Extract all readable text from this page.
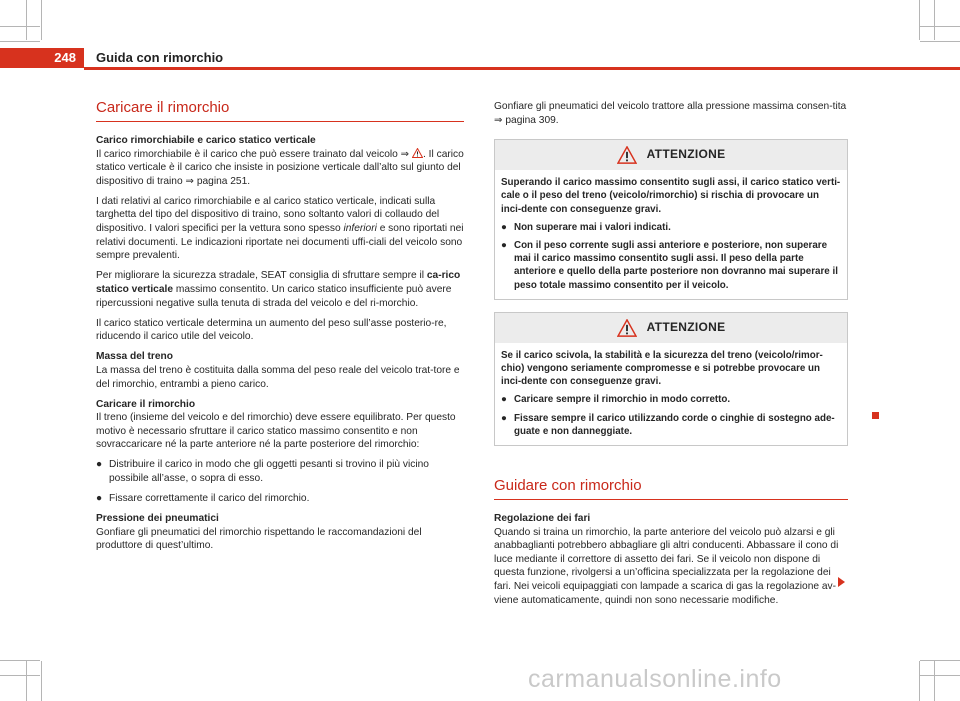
248	Guida con rimorchio
Caricare il rimorchio

Carico rimorchiabile e carico statico verticale

Il carico rimorchiabile è il carico che può essere trainato dal veicolo ⇒ . Il carico statico verticale è il carico che insiste in posizione verticale dall’alto sul giunto del dispositivo di traino ⇒ pagina 251.

I dati relativi al carico rimorchiabile e al carico statico verticale, indicati sulla targhetta del tipo del dispositivo di traino, sono soltanto valori di collaudo del dispositivo. I valori specifici per la vettura sono spesso inferiori e sono riportati nei relativi documenti. Le indicazioni riportate nei documenti uffi-ciali del veicolo sono sempre prevalenti.

Per migliorare la sicurezza stradale, SEAT consiglia di sfruttare sempre il ca-rico statico verticale massimo consentito. Un carico statico insufficiente può avere ripercussioni negative sulla tenuta di strada del veicolo e del ri-morchio.

Il carico statico verticale determina un aumento del peso sull’asse posterio-re, riducendo il carico utile del veicolo.

Massa del treno

La massa del treno è costituita dalla somma del peso reale del veicolo trat-tore e del rimorchio, entrambi a pieno carico.

Caricare il rimorchio

Il treno (insieme del veicolo e del rimorchio) deve essere equilibrato. Per questo motivo è necessario sfruttare il carico statico massimo consentito e non sovraccaricare né la parte anteriore né la parte posteriore del rimorchio:

● Distribuire il carico in modo che gli oggetti pesanti si trovino il più vicino possibile all’asse, o sopra di esso.
● Fissare correttamente il carico del rimorchio.

Pressione dei pneumatici

Gonfiare gli pneumatici del rimorchio rispettando le raccomandazioni del produttore di quest’ultimo.

Gonfiare gli pneumatici del veicolo trattore alla pressione massima consen-tita ⇒ pagina 309.

ATTENZIONE

Superando il carico massimo consentito sugli assi, il carico statico verti-cale o il peso del treno (veicolo/rimorchio) si rischia di provocare un inci-dente con conseguenze gravi.

● Non superare mai i valori indicati.
● Con il peso corrente sugli assi anteriore e posteriore, non superare mai il carico massimo consentito sugli assi. Il peso della parte anteriore e quello della parte posteriore non dovranno mai superare il peso totale massimo consentito per il veicolo.
ATTENZIONE

Se il carico scivola, la stabilità e la sicurezza del treno (veicolo/rimor-chio) vengono seriamente compromesse e si potrebbe provocare un inci-dente con conseguenze gravi.

● Caricare sempre il rimorchio in modo corretto.
● Fissare sempre il carico utilizzando corde o cinghie di sostegno ade-guate e non danneggiate.
Guidare con rimorchio

Regolazione dei fari

Quando si traina un rimorchio, la parte anteriore del veicolo può alzarsi e gli anabbaglianti potrebbero abbagliare gli altri conducenti. Abbassare il cono di luce mediante il correttore di assetto dei fari. Se il veicolo non dispone di questa funzione, rivolgersi a un’officina specializzata per la regolazione dei fari. Nei veicoli equipaggiati con lampade a scarica di gas la regolazione av-viene automaticamente, quindi non sono necessarie modifiche.

carmanualsonline.info
